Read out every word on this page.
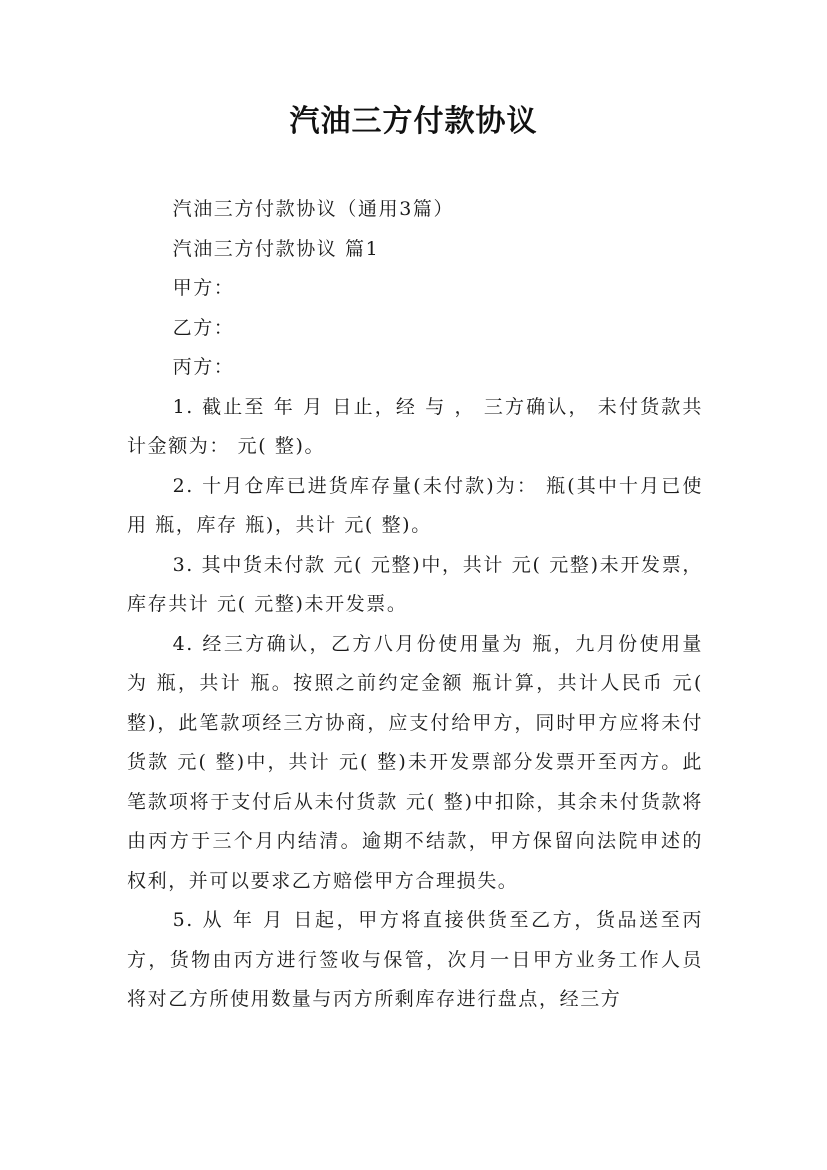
汽油三方付款协议

汽油三方付款协议（通用3篇）

汽油三方付款协议 篇1

甲方：

乙方：

丙方：

1. 截止至 年 月 日止，经 与 ， 三方确认， 未付货款共计金额为： 元( 整)。

2. 十月仓库已进货库存量(未付款)为： 瓶(其中十月已使用 瓶，库存 瓶)，共计 元( 整)。

3. 其中货未付款 元( 元整)中，共计 元( 元整)未开发票，库存共计 元( 元整)未开发票。

4. 经三方确认，乙方八月份使用量为 瓶，九月份使用量为 瓶，共计 瓶。按照之前约定金额 瓶计算，共计人民币 元( 整)，此笔款项经三方协商，应支付给甲方，同时甲方应将未付货款 元( 整)中，共计 元( 整)未开发票部分发票开至丙方。此笔款项将于支付后从未付货款 元( 整)中扣除，其余未付货款将由丙方于三个月内结清。逾期不结款，甲方保留向法院申述的权利，并可以要求乙方赔偿甲方合理损失。

5. 从 年 月 日起，甲方将直接供货至乙方，货品送至丙方，货物由丙方进行签收与保管，次月一日甲方业务工作人员将对乙方所使用数量与丙方所剩库存进行盘点，经三方
